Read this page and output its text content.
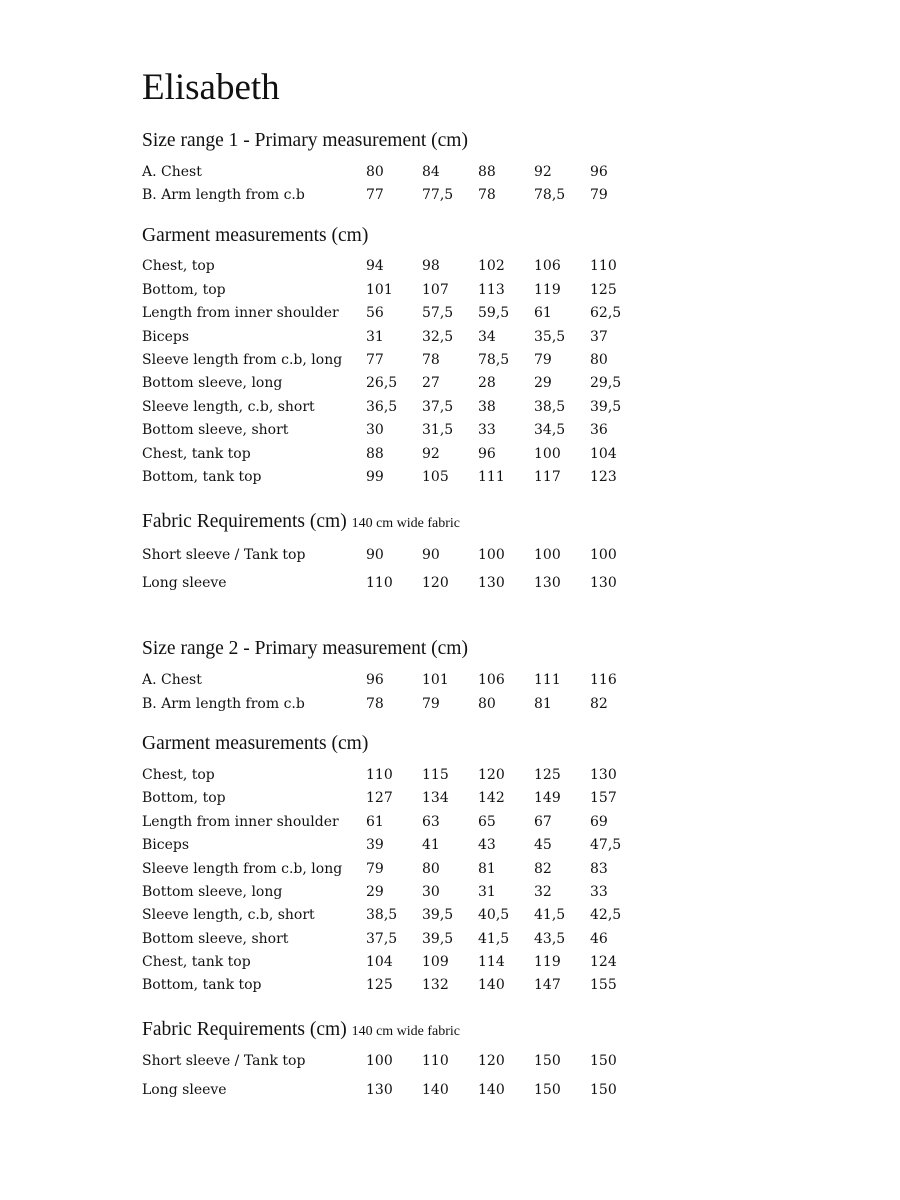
Elisabeth
Size range 1 - Primary measurement (cm)
A. Chest	80	84	88	92	96
B. Arm length from c.b	77	77,5	78	78,5	79
Garment measurements (cm)
Chest, top	94	98	102	106	110
Bottom, top	101	107	113	119	125
Length from inner shoulder	56	57,5	59,5	61	62,5
Biceps	31	32,5	34	35,5	37
Sleeve length from c.b, long	77	78	78,5	79	80
Bottom sleeve, long	26,5	27	28	29	29,5
Sleeve length, c.b, short	36,5	37,5	38	38,5	39,5
Bottom sleeve, short	30	31,5	33	34,5	36
Chest, tank top	88	92	96	100	104
Bottom, tank top	99	105	111	117	123
Fabric Requirements (cm) 140 cm wide fabric
Short sleeve / Tank top	90	90	100	100	100
Long sleeve	110	120	130	130	130
Size range 2 - Primary measurement (cm)
A. Chest	96	101	106	111	116
B. Arm length from c.b	78	79	80	81	82
Garment measurements (cm)
Chest, top	110	115	120	125	130
Bottom, top	127	134	142	149	157
Length from inner shoulder	61	63	65	67	69
Biceps	39	41	43	45	47,5
Sleeve length from c.b, long	79	80	81	82	83
Bottom sleeve, long	29	30	31	32	33
Sleeve length, c.b, short	38,5	39,5	40,5	41,5	42,5
Bottom sleeve, short	37,5	39,5	41,5	43,5	46
Chest, tank top	104	109	114	119	124
Bottom, tank top	125	132	140	147	155
Fabric Requirements (cm) 140 cm wide fabric
Short sleeve / Tank top	100	110	120	150	150
Long sleeve	130	140	140	150	150
